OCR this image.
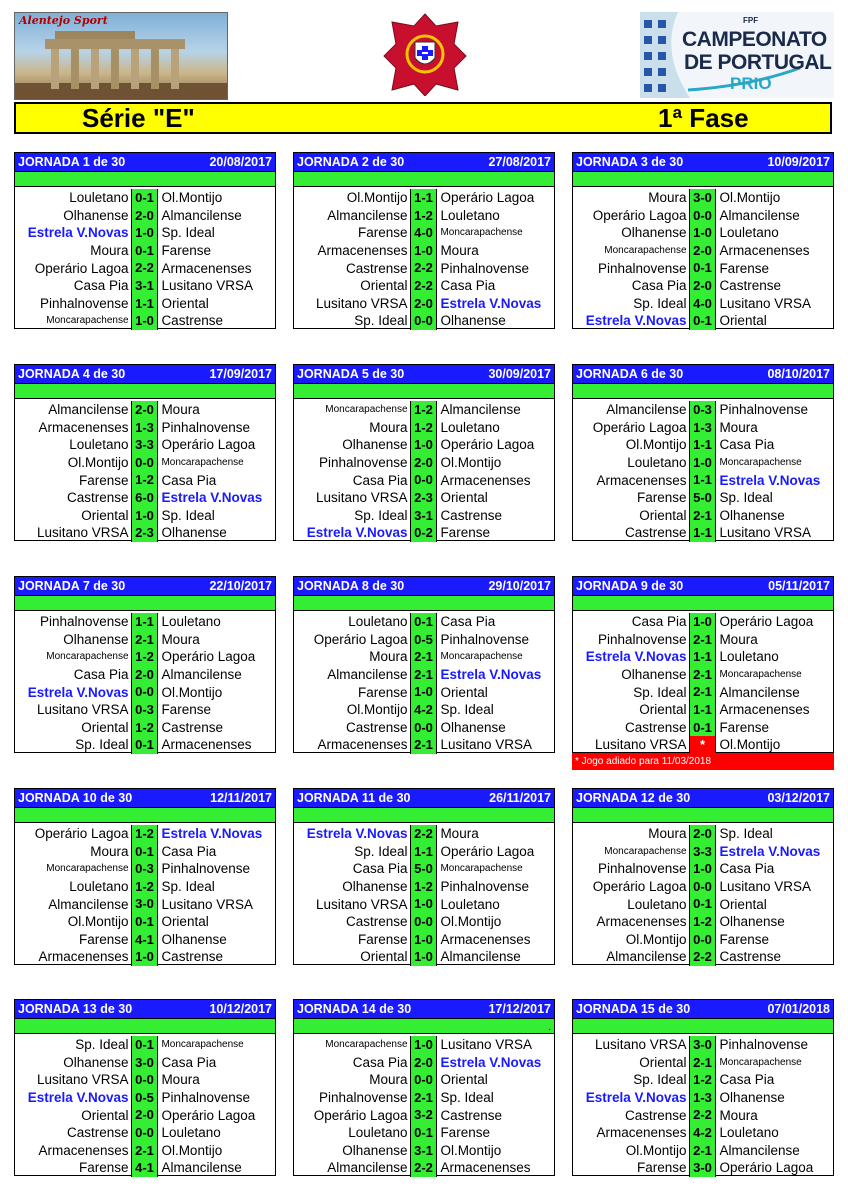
Alentejo Sport	FPF
CAMPEONATO
DE PORTUGAL
PRIO
Série "E"	1ª Fase
JORNADA 1 de 30	20/08/2017
Louletano 0-1 Ol.Montijo
Olhanense 2-0 Almancilense
Estrela V.Novas 1-0 Sp. Ideal
Moura 0-1 Farense
Operário Lagoa 2-2 Armacenenses
Casa Pia 3-1 Lusitano VRSA
Pinhalnovense 1-1 Oriental
Moncarapachense 1-0 Castrense
JORNADA 2 de 30	27/08/2017
Ol.Montijo 1-1 Operário Lagoa
Almancilense 1-2 Louletano
Farense 4-0 Moncarapachense
Armacenenses 1-0 Moura
Castrense 2-2 Pinhalnovense
Oriental 2-2 Casa Pia
Lusitano VRSA 2-0 Estrela V.Novas
Sp. Ideal 0-0 Olhanense
JORNADA 3 de 30	10/09/2017
Moura 3-0 Ol.Montijo
Operário Lagoa 0-0 Almancilense
Olhanense 1-0 Louletano
Moncarapachense 2-0 Armacenenses
Pinhalnovense 0-1 Farense
Casa Pia 2-0 Castrense
Sp. Ideal 4-0 Lusitano VRSA
Estrela V.Novas 0-1 Oriental
JORNADA 4 de 30	17/09/2017
Almancilense 2-0 Moura
Armacenenses 1-3 Pinhalnovense
Louletano 3-3 Operário Lagoa
Ol.Montijo 0-0 Moncarapachense
Farense 1-2 Casa Pia
Castrense 6-0 Estrela V.Novas
Oriental 1-0 Sp. Ideal
Lusitano VRSA 2-3 Olhanense
JORNADA 5 de 30	30/09/2017
Moncarapachense 1-2 Almancilense
Moura 1-2 Louletano
Olhanense 1-0 Operário Lagoa
Pinhalnovense 2-0 Ol.Montijo
Casa Pia 0-0 Armacenenses
Lusitano VRSA 2-3 Oriental
Sp. Ideal 3-1 Castrense
Estrela V.Novas 0-2 Farense
JORNADA 6 de 30	08/10/2017
Almancilense 0-3 Pinhalnovense
Operário Lagoa 1-3 Moura
Ol.Montijo 1-1 Casa Pia
Louletano 1-0 Moncarapachense
Armacenenses 1-1 Estrela V.Novas
Farense 5-0 Sp. Ideal
Oriental 2-1 Olhanense
Castrense 1-1 Lusitano VRSA
JORNADA 7 de 30	22/10/2017
Pinhalnovense 1-1 Louletano
Olhanense 2-1 Moura
Moncarapachense 1-2 Operário Lagoa
Casa Pia 2-0 Almancilense
Estrela V.Novas 0-0 Ol.Montijo
Lusitano VRSA 0-3 Farense
Oriental 1-2 Castrense
Sp. Ideal 0-1 Armacenenses
JORNADA 8 de 30	29/10/2017
Louletano 0-1 Casa Pia
Operário Lagoa 0-5 Pinhalnovense
Moura 2-1 Moncarapachense
Almancilense 2-1 Estrela V.Novas
Farense 1-0 Oriental
Ol.Montijo 4-2 Sp. Ideal
Castrense 0-0 Olhanense
Armacenenses 2-1 Lusitano VRSA
JORNADA 9 de 30	05/11/2017
Casa Pia 1-0 Operário Lagoa
Pinhalnovense 2-1 Moura
Estrela V.Novas 1-1 Louletano
Olhanense 2-1 Moncarapachense
Sp. Ideal 2-1 Almancilense
Oriental 1-1 Armacenenses
Castrense 0-1 Farense
Lusitano VRSA	*	Ol.Montijo
JORNADA 10 de 30	12/11/2017
Operário Lagoa 1-2 Estrela V.Novas
Moura 0-1 Casa Pia
Moncarapachense 0-3 Pinhalnovense
Louletano 1-2 Sp. Ideal
Almancilense 3-0 Lusitano VRSA
Ol.Montijo 0-1 Oriental
Farense 4-1 Olhanense
Armacenenses 1-0 Castrense
JORNADA 11 de 30	26/11/2017
Estrela V.Novas 2-2 Moura
Sp. Ideal 1-1 Operário Lagoa
Casa Pia 5-0 Moncarapachense
Olhanense 1-2 Pinhalnovense
Lusitano VRSA 1-0 Louletano
Castrense 0-0 Ol.Montijo
Farense 1-0 Armacenenses
Oriental 1-0 Almancilense
JORNADA 12 de 30	03/12/2017
Moura 2-0 Sp. Ideal
Moncarapachense 3-3 Estrela V.Novas
Pinhalnovense 1-0 Casa Pia
Operário Lagoa 0-0 Lusitano VRSA
Louletano 0-1 Oriental
Armacenenses 1-2 Olhanense
Ol.Montijo 0-0 Farense
Almancilense 2-2 Castrense
JORNADA 13 de 30	10/12/2017
Sp. Ideal 0-1 Moncarapachense
Olhanense 3-0 Casa Pia
Lusitano VRSA 0-0 Moura
Estrela V.Novas 0-5 Pinhalnovense
Oriental 2-0 Operário Lagoa
Castrense 0-0 Louletano
Armacenenses 2-1 Ol.Montijo
Farense 4-1 Almancilense
JORNADA 14 de 30	17/12/2017
.
Moncarapachense 1-0 Lusitano VRSA
Casa Pia 2-0 Estrela V.Novas
Moura 0-0 Oriental
Pinhalnovense 2-1 Sp. Ideal
Operário Lagoa 3-2 Castrense
Louletano 0-1 Farense
Olhanense 3-1 Ol.Montijo
Almancilense 2-2 Armacenenses
JORNADA 15 de 30	07/01/2018
Lusitano VRSA 3-0 Pinhalnovense
Oriental 2-1 Moncarapachense
Sp. Ideal 1-2 Casa Pia
Estrela V.Novas 1-3 Olhanense
Castrense 2-2 Moura
Armacenenses 4-2 Louletano
Ol.Montijo 2-1 Almancilense
Farense 3-0 Operário Lagoa
* Jogo adiado para 11/03/2018
